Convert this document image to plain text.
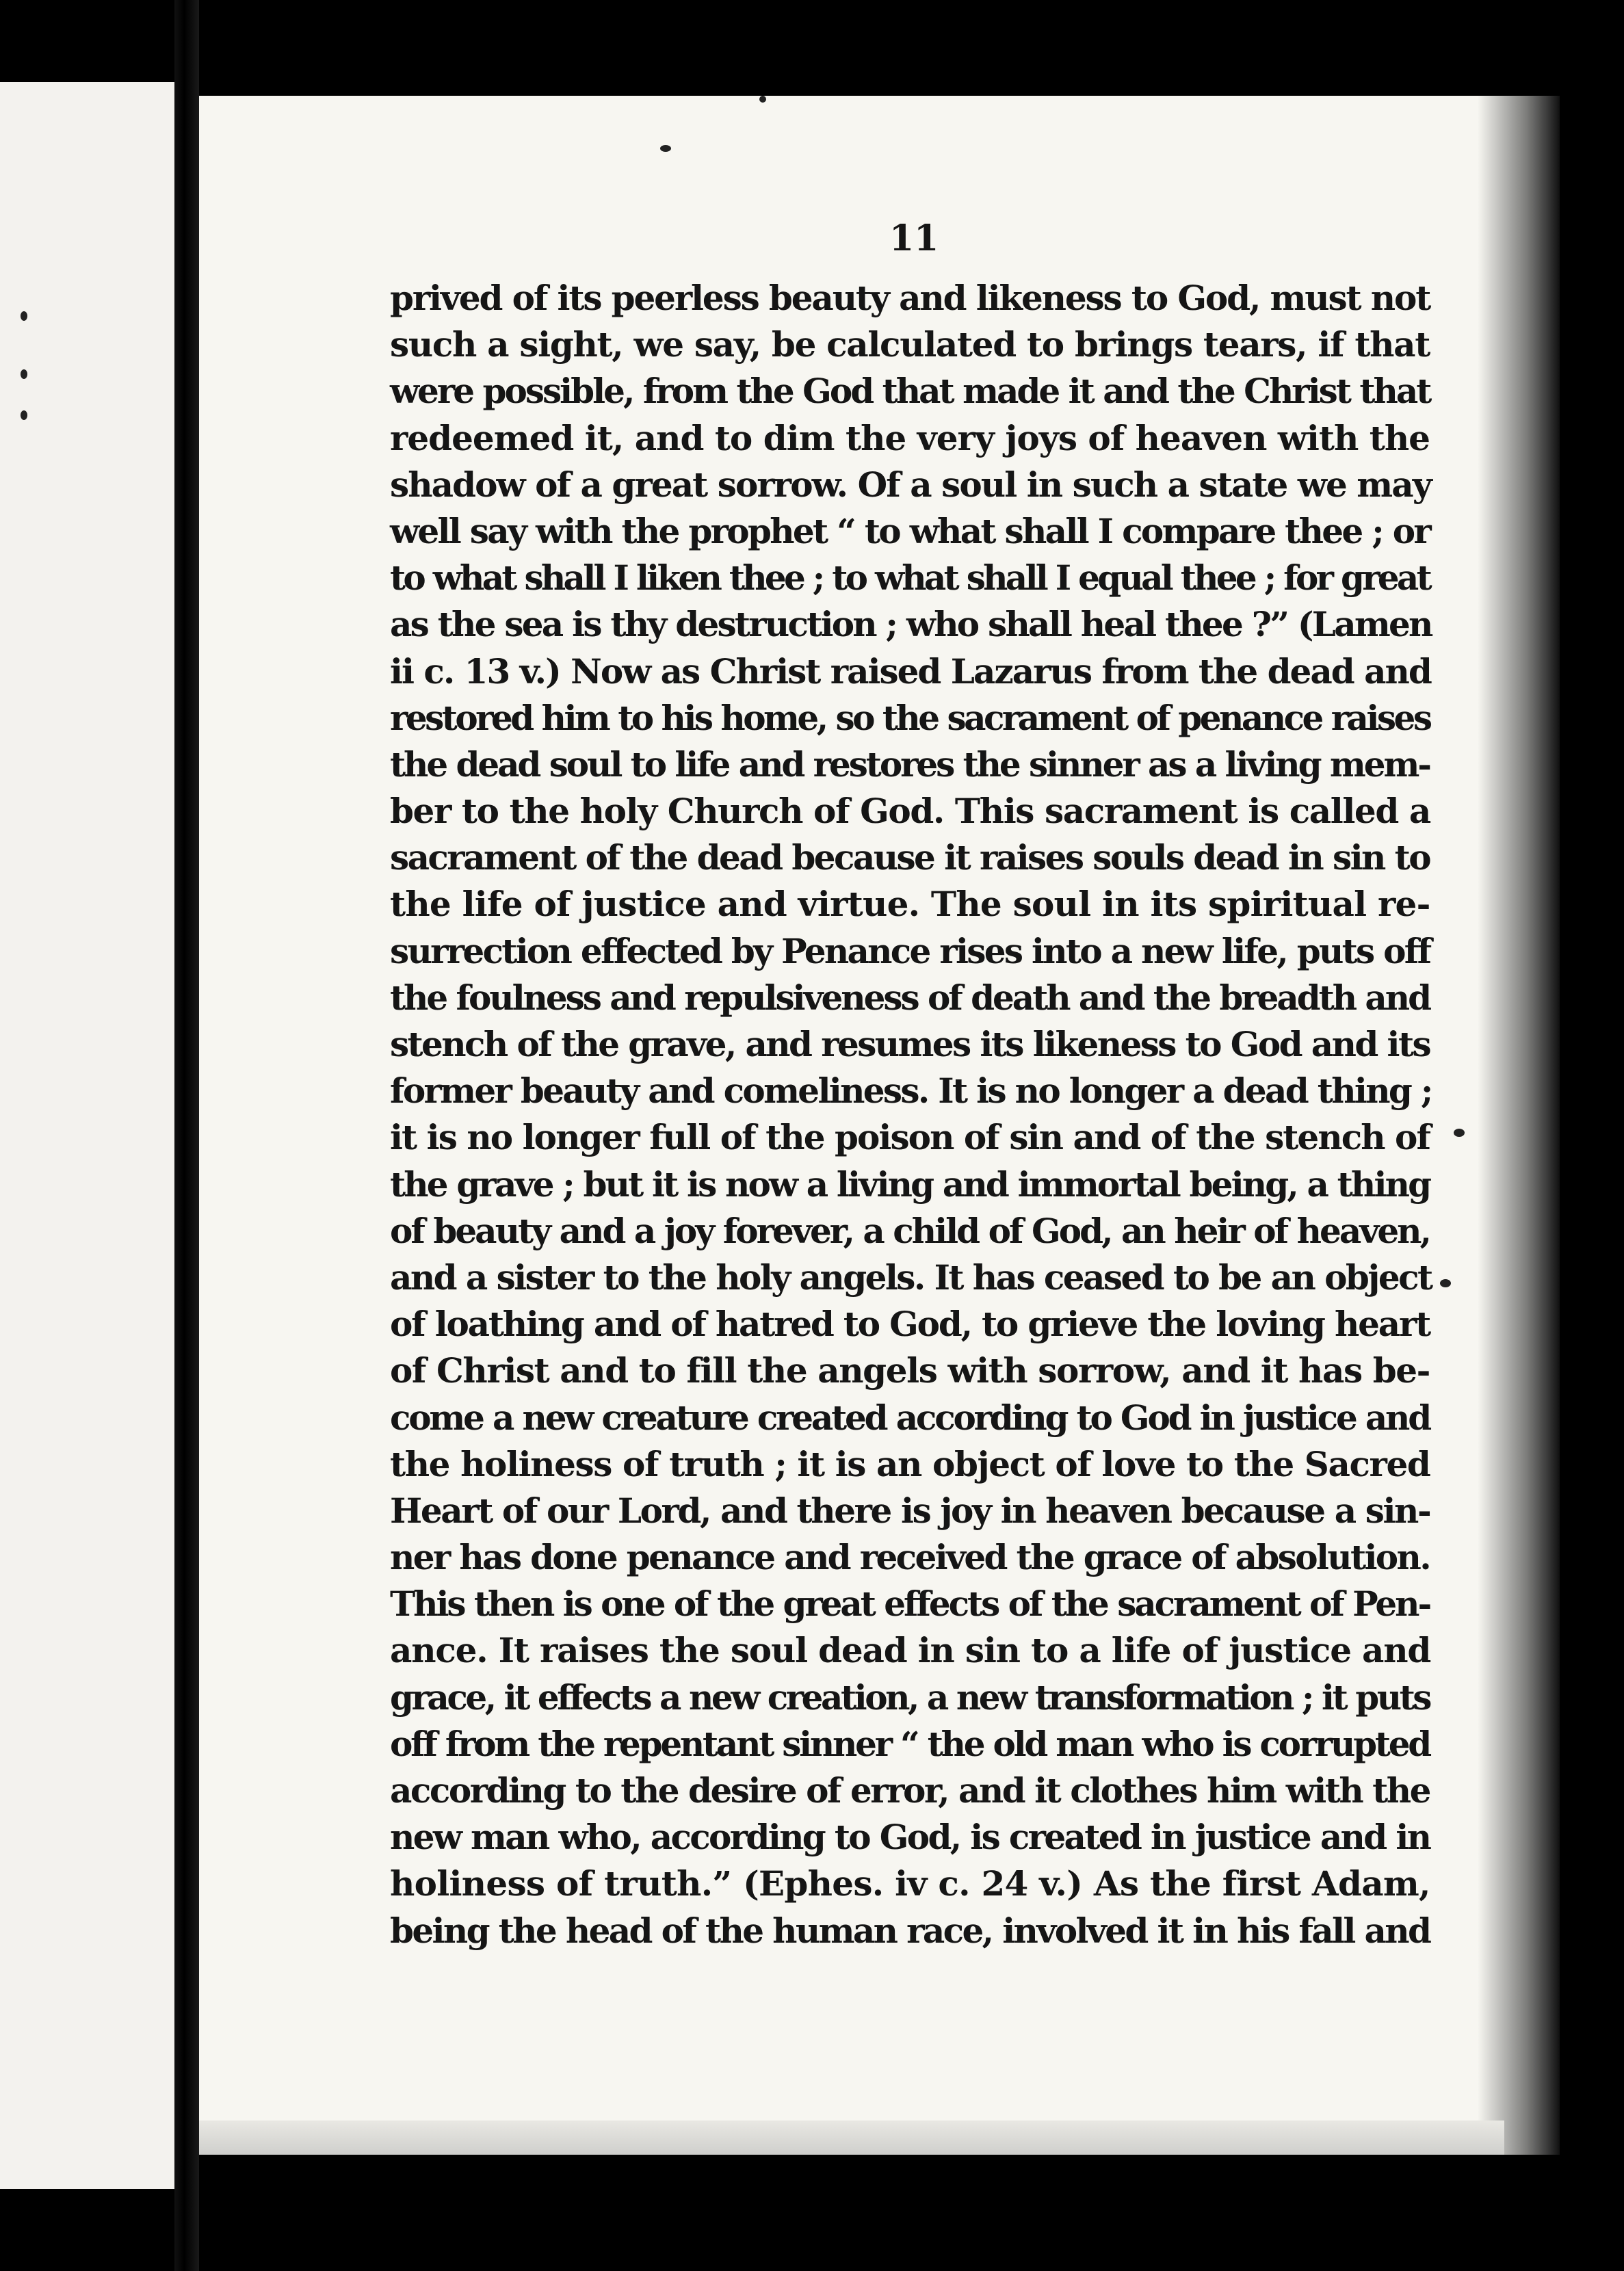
11
prived of its peerless beauty and likeness to God, must not
such a sight, we say, be calculated to brings tears, if that
were possible, from the God that made it and the Christ that
redeemed it, and to dim the very joys of heaven with the
shadow of a great sorrow. Of a soul in such a state we may
well say with the prophet “ to what shall I compare thee ; or
to what shall I liken thee ; to what shall I equal thee ; for great
as the sea is thy destruction ; who shall heal thee ?” (Lamen
ii c. 13 v.) Now as Christ raised Lazarus from the dead and
restored him to his home, so the sacrament of penance raises
the dead soul to life and restores the sinner as a living mem-
ber to the holy Church of God. This sacrament is called a
sacrament of the dead because it raises souls dead in sin to
the life of justice and virtue. The soul in its spiritual re-
surrection effected by Penance rises into a new life, puts off
the foulness and repulsiveness of death and the breadth and
stench of the grave, and resumes its likeness to God and its
former beauty and comeliness. It is no longer a dead thing ;
it is no longer full of the poison of sin and of the stench of
the grave ; but it is now a living and immortal being, a thing
of beauty and a joy forever, a child of God, an heir of heaven,
and a sister to the holy angels. It has ceased to be an object
of loathing and of hatred to God, to grieve the loving heart
of Christ and to fill the angels with sorrow, and it has be-
come a new creature created according to God in justice and
the holiness of truth ; it is an object of love to the Sacred
Heart of our Lord, and there is joy in heaven because a sin-
ner has done penance and received the grace of absolution.
This then is one of the great effects of the sacrament of Pen-
ance. It raises the soul dead in sin to a life of justice and
grace, it effects a new creation, a new transformation ; it puts
off from the repentant sinner “ the old man who is corrupted
according to the desire of error, and it clothes him with the
new man who, according to God, is created in justice and in
holiness of truth.” (Ephes. iv c. 24 v.) As the first Adam,
being the head of the human race, involved it in his fall and
